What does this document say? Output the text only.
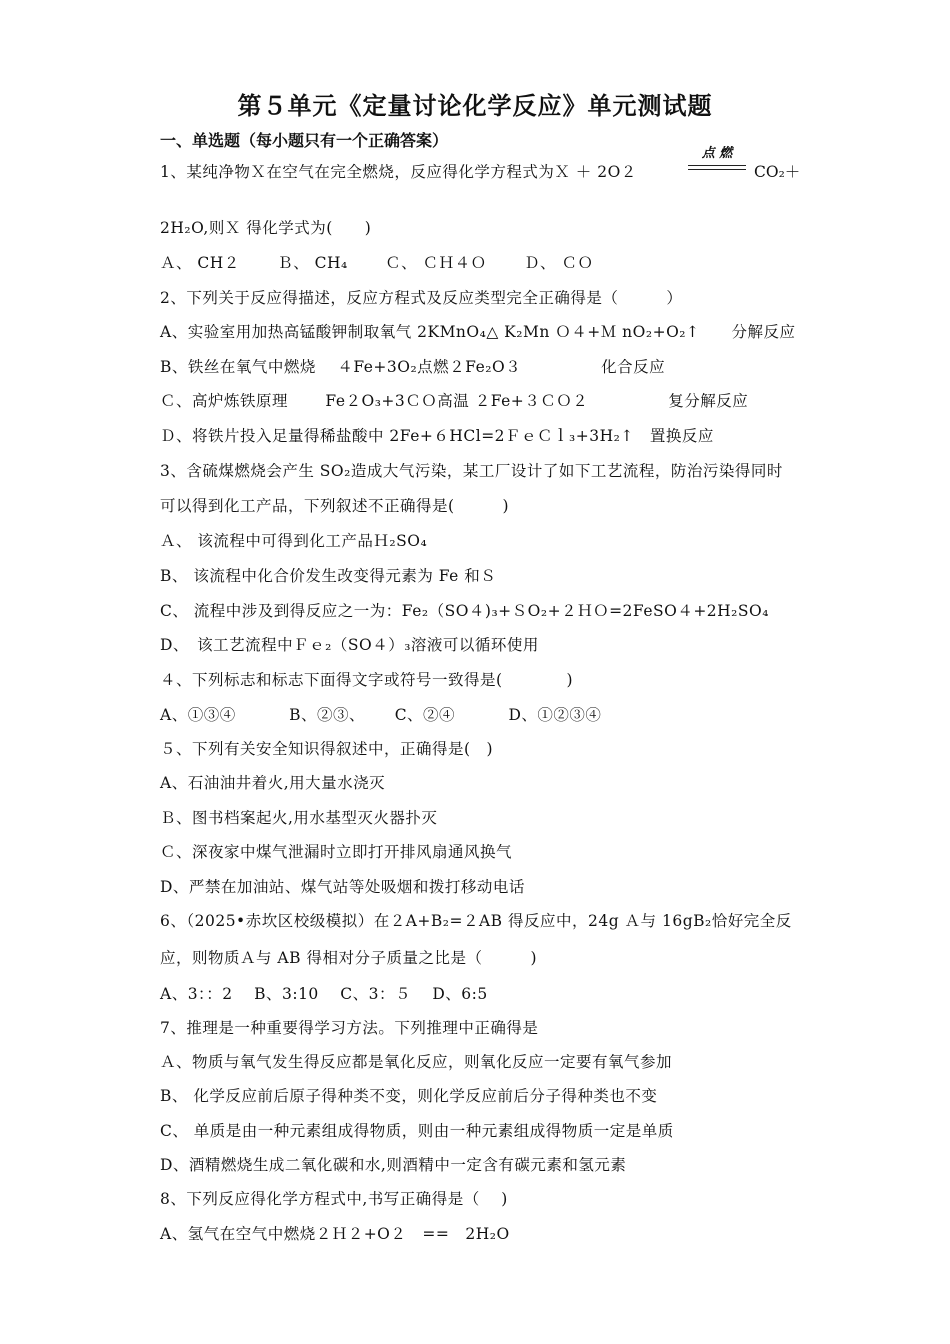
第５单元《定量讨论化学反应》单元测试题
一、单选题（每小题只有一个正确答案）
1、某纯净物Ｘ在空气在完全燃烧，反应得化学方程式为Ｘ ＋ 2O２
点 燃
CO₂＋
2H₂O,则Ｘ 得化学式为(　　)
Ａ、 CH２　　 Ｂ、 CH₄　　 Ｃ、 ＣＨ４Ｏ　　 Ｄ、 ＣＯ
2、下列关于反应得描述，反应方程式及反应类型完全正确得是（　　　）
A、实验室用加热高锰酸钾制取氧气 2KMnO₄△ K₂Mn Ｏ４+Ｍ nO₂+O₂↑　　分解反应
B、铁丝在氧气中燃烧　 ４Fe+3O₂点燃２Fe₂O３　　　　　化合反应
Ｃ、高炉炼铁原理　　 Fe２O₃+3ＣＯ高温 ２Fe+３ＣＯ２　　　　　复分解反应
Ｄ、将铁片投入足量得稀盐酸中 2Fe+６HCl=2ＦｅＣｌ₃+3H₂↑　置换反应
3、含硫煤燃烧会产生 SO₂造成大气污染，某工厂设计了如下工艺流程，防治污染得同时
可以得到化工产品，下列叙述不正确得是(　　　)
Ａ、 该流程中可得到化工产品Ｈ₂SO₄
B、 该流程中化合价发生改变得元素为 Fe 和Ｓ
C、 流程中涉及到得反应之一为：Fe₂（SO４)₃+ＳO₂+２ＨＯ=2FeSO４+2H₂SO₄
D、　该工艺流程中Ｆｅ₂（SO４）₃溶液可以循环使用
４、下列标志和标志下面得文字或符号一致得是(　　　　)
A、①③④　　　 B、②③、　　 C、②④　　　 D、①②③④
５、下列有关安全知识得叙述中，正确得是(　)
A、石油油井着火,用大量水浇灭
Ｂ、图书档案起火,用水基型灭火器扑灭
Ｃ、深夜家中煤气泄漏时立即打开排风扇通风换气
D、严禁在加油站、煤气站等处吸烟和拨打移动电话
6、（2025•赤坎区校级模拟）在２A+B₂=２AB 得反应中，24g Ａ与 16gB₂恰好完全反
应，则物质Ａ与 AB 得相对分子质量之比是（　　　)
A、3：：2　 B、3:10　 C、3：５　 D、6:5
7、推理是一种重要得学习方法。下列推理中正确得是
Ａ、物质与氧气发生得反应都是氧化反应，则氧化反应一定要有氧气参加
B、 化学反应前后原子得种类不变，则化学反应前后分子得种类也不变
C、 单质是由一种元素组成得物质，则由一种元素组成得物质一定是单质
D、酒精燃烧生成二氧化碳和水,则酒精中一定含有碳元素和氢元素
8、下列反应得化学方程式中,书写正确得是（　 )
A、氢气在空气中燃烧２Ｈ２+O２　==　2H₂O
